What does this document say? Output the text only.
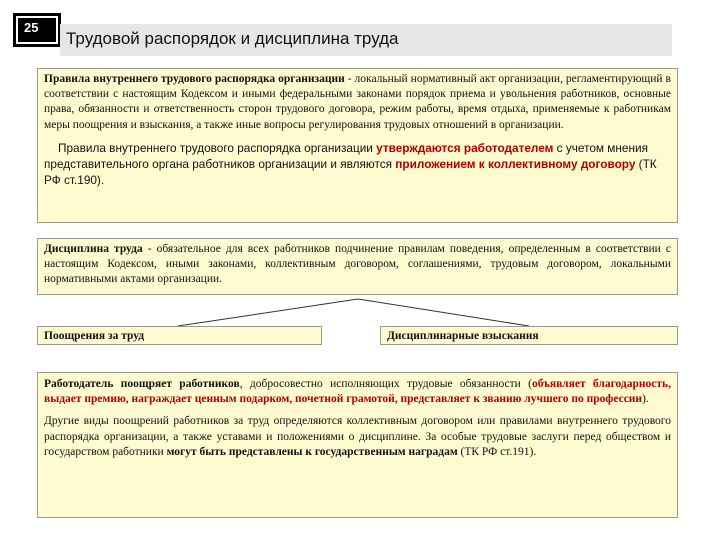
25
Трудовой распорядок и дисциплина труда

Правила внутреннего трудового распорядка организации - локальный нормативный акт организации, регламентирующий в соответствии с настоящим Кодексом и иными федеральными законами порядок приема и увольнения работников, основные права, обязанности и ответственность сторон трудового договора, режим работы, время отдыха, применяемые к работникам меры поощрения и взыскания, а также иные вопросы регулирования трудовых отношений в организации.

Правила внутреннего трудового распорядка организации утверждаются работодателем с учетом мнения представительного органа работников организации и являются приложением к коллективному договору (ТК РФ ст.190).

Дисциплина труда - обязательное для всех работников подчинение правилам поведения, определенным в соответствии с настоящим Кодексом, иными законами, коллективным договором, соглашениями, трудовым договором, локальными нормативными актами организации.

Поощрения за труд	Дисциплинарные взыскания

Работодатель поощряет работников, добросовестно исполняющих трудовые обязанности (объявляет благодарность, выдает премию, награждает ценным подарком, почетной грамотой, представляет к званию лучшего по профессии).

Другие виды поощрений работников за труд определяются коллективным договором или правилами внутреннего трудового распорядка организации, а также уставами и положениями о дисциплине. За особые трудовые заслуги перед обществом и государством работники могут быть представлены к государственным наградам (ТК РФ ст.191).
